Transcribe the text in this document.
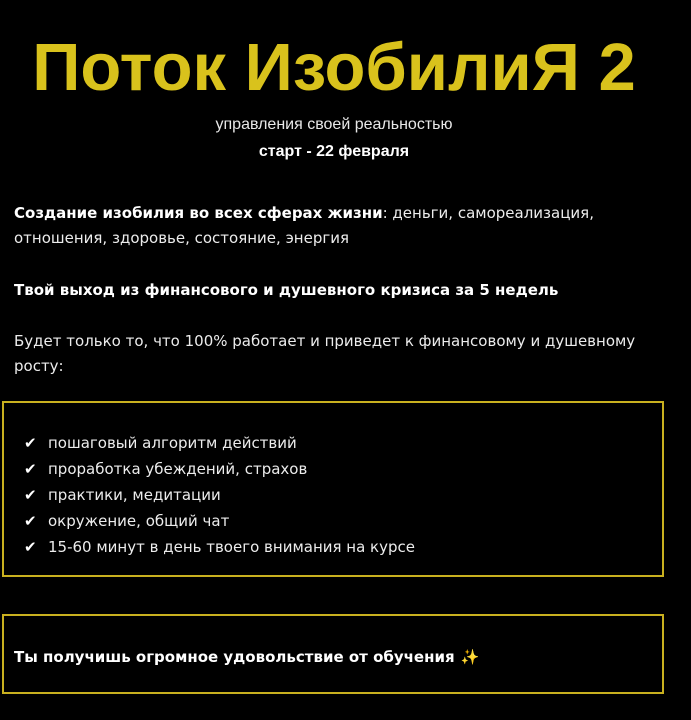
Поток ИзобилиЯ 2
управления своей реальностью
старт - 22 февраля
Создание изобилия во всех сферах жизни: деньги, самореализация, отношения, здоровье, состояние, энергия
Твой выход из финансового и душевного кризиса за 5 недель
Будет только то, что 100% работает и приведет к финансовому и душевному росту:
✔ пошаговый алгоритм действий
✔ проработка убеждений, страхов
✔ практики, медитации
✔ окружение, общий чат
✔ 15-60 минут в день твоего внимания на курсе
Ты получишь огромное удовольствие от обучения ✨
